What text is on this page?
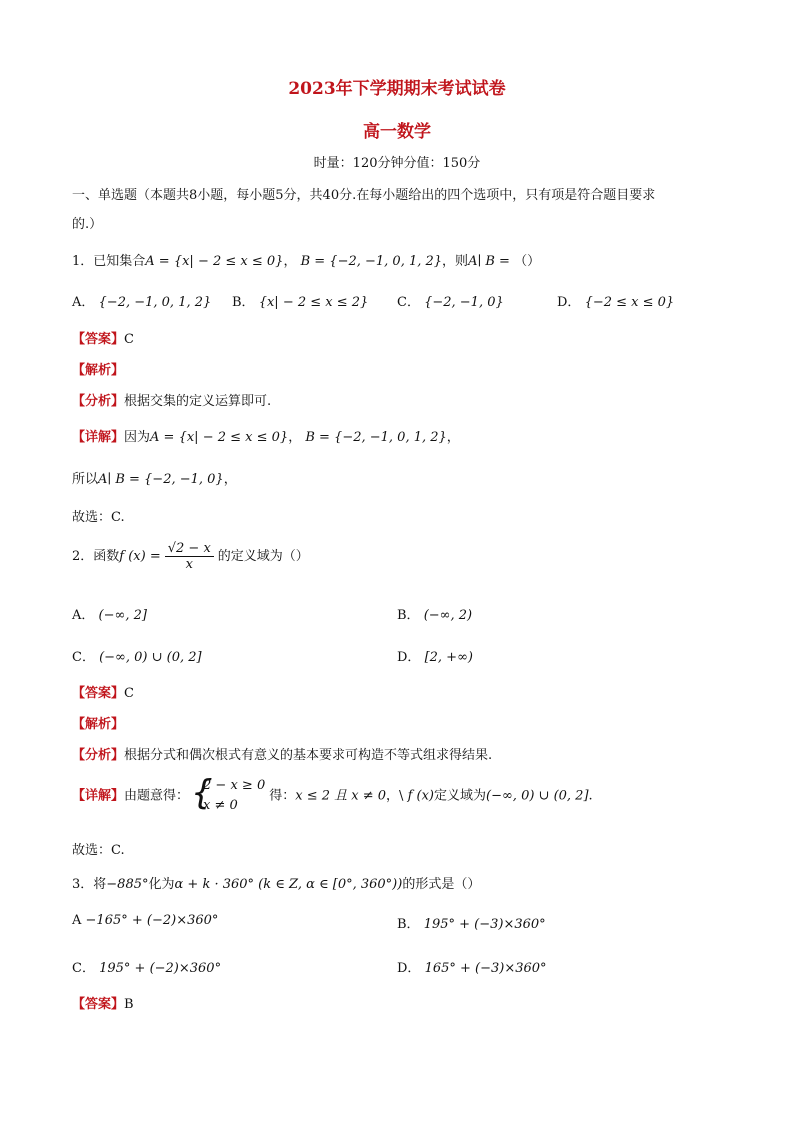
2023年下学期期末考试试卷
高一数学
时量：120分钟分值：150分
一、单选题（本题共8小题，每小题5分，共40分.在每小题给出的四个选项中，只有项是符合题目要求
的.）
1．已知集合A = {x| − 2 ≤ x ≤ 0}， B = {−2, −1, 0, 1, 2}，则A∣ B = （）
A． {−2, −1, 0, 1, 2} B． {x| − 2 ≤ x ≤ 2} C． {−2, −1, 0}	D． {−2 ≤ x ≤ 0}
【答案】C
【解析】
【分析】根据交集的定义运算即可.
【详解】因为A = {x| − 2 ≤ x ≤ 0}， B = {−2, −1, 0, 1, 2}，
所以A∣ B = {−2, −1, 0}，
故选：C.
2．函数f $(x) = \frac{√2 - x}{x}$ 的定义域为（）
A． (−∞, 2]	B． (−∞, 2)
C． (−∞, 0) ∪ (0, 2]	D． [2, +∞)
【答案】C
【解析】
【分析】根据分式和偶次根式有意义的基本要求可构造不等式组求得结果.
【详解】由题意得：
{ 2 − x ≥ 0
x ≠ 0
得：x ≤ 2 且 x ≠ 0，\ f (x)定义域为(−∞, 0) ∪ (0, 2].
故选：C.
3．将−885°化为α + k · 360° (k ∈ Z, α ∈ [0°, 360°))的形式是（）
A −165° + (−2)×360°	B． 195° + (−3)×360°
C． 195° + (−2)×360°	D． 165° + (−3)×360°
【答案】B
